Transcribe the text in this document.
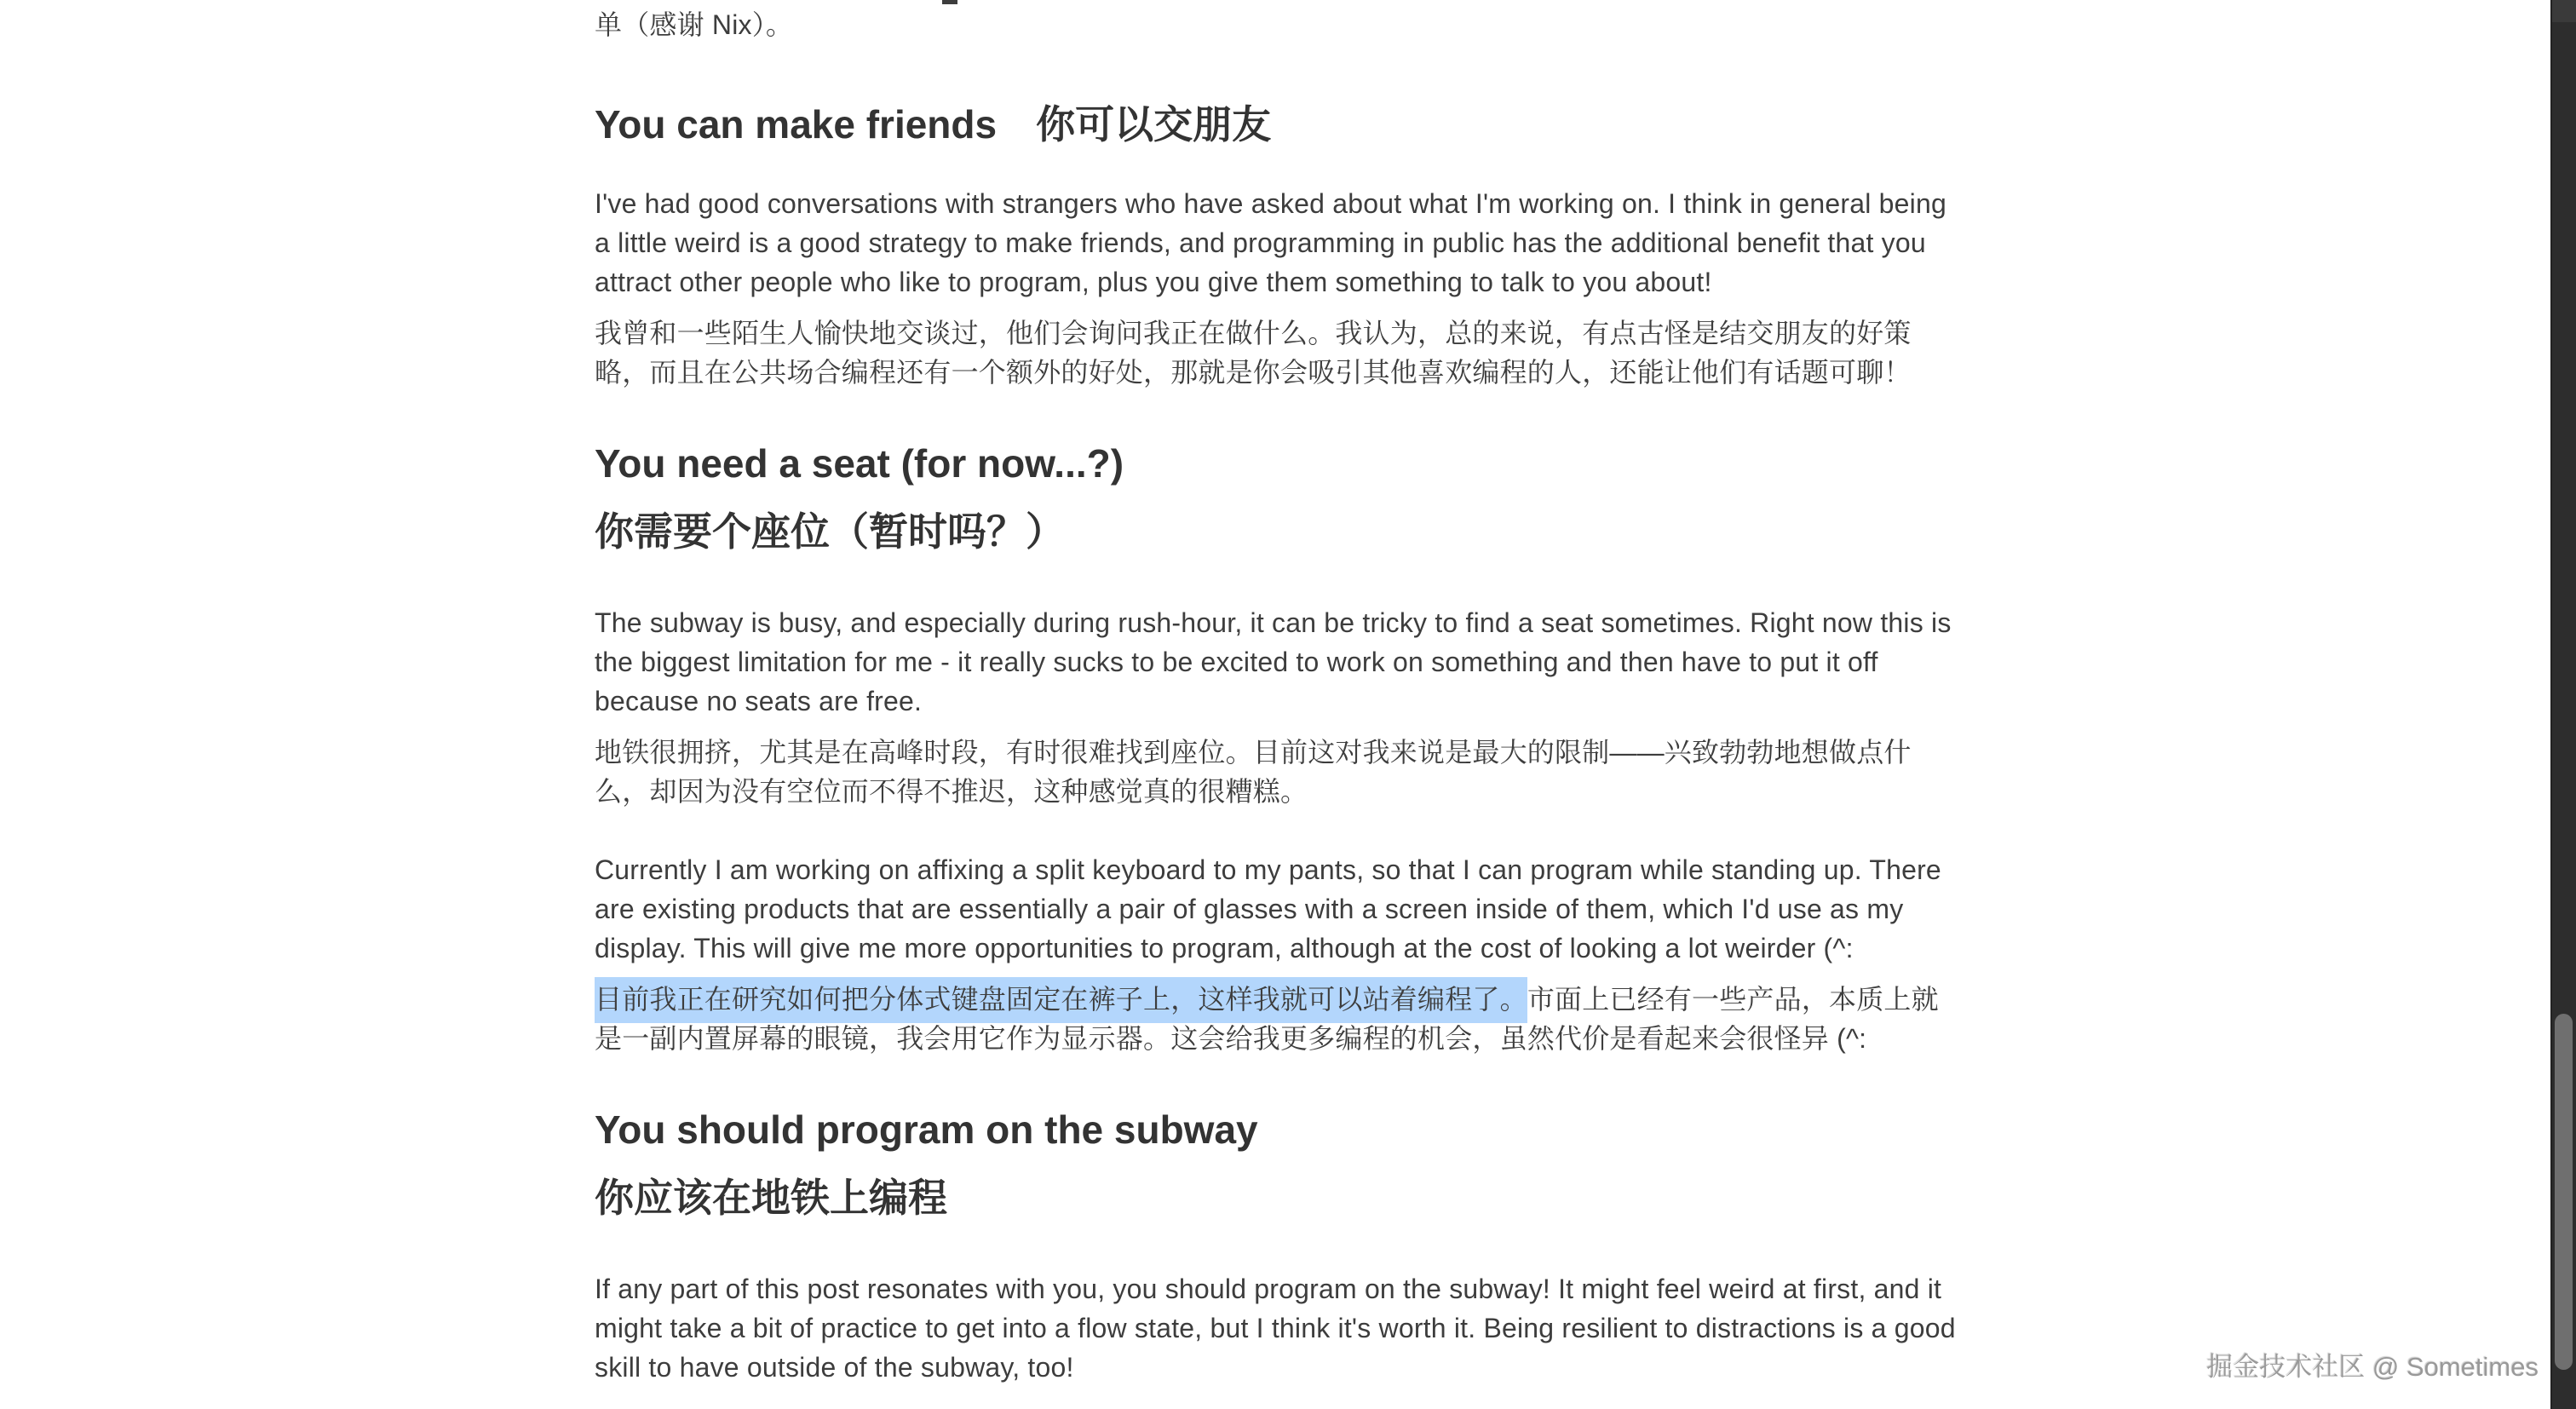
单（感谢 Nix）。

You can make friends 你可以交朋友

I've had good conversations with strangers who have asked about what I'm working on. I think in general being a little weird is a good strategy to make friends, and programming in public has the additional benefit that you attract other people who like to program, plus you give them something to talk to you about!

我曾和一些陌生人愉快地交谈过，他们会询问我正在做什么。我认为，总的来说，有点古怪是结交朋友的好策略，而且在公共场合编程还有一个额外的好处，那就是你会吸引其他喜欢编程的人，还能让他们有话题可聊！

You need a seat (for now...?)
你需要个座位（暂时吗？）

The subway is busy, and especially during rush-hour, it can be tricky to find a seat sometimes. Right now this is the biggest limitation for me - it really sucks to be excited to work on something and then have to put it off because no seats are free.

地铁很拥挤，尤其是在高峰时段，有时很难找到座位。目前这对我来说是最大的限制——兴致勃勃地想做点什么，却因为没有空位而不得不推迟，这种感觉真的很糟糕。

Currently I am working on affixing a split keyboard to my pants, so that I can program while standing up. There are existing products that are essentially a pair of glasses with a screen inside of them, which I'd use as my display. This will give me more opportunities to program, although at the cost of looking a lot weirder (^:

目前我正在研究如何把分体式键盘固定在裤子上，这样我就可以站着编程了。市面上已经有一些产品，本质上就是一副内置屏幕的眼镜，我会用它作为显示器。这会给我更多编程的机会，虽然代价是看起来会很怪异 (^:

You should program on the subway
你应该在地铁上编程

If any part of this post resonates with you, you should program on the subway! It might feel weird at first, and it might take a bit of practice to get into a flow state, but I think it's worth it. Being resilient to distractions is a good skill to have outside of the subway, too!	掘金技术社区 @ Sometimes
